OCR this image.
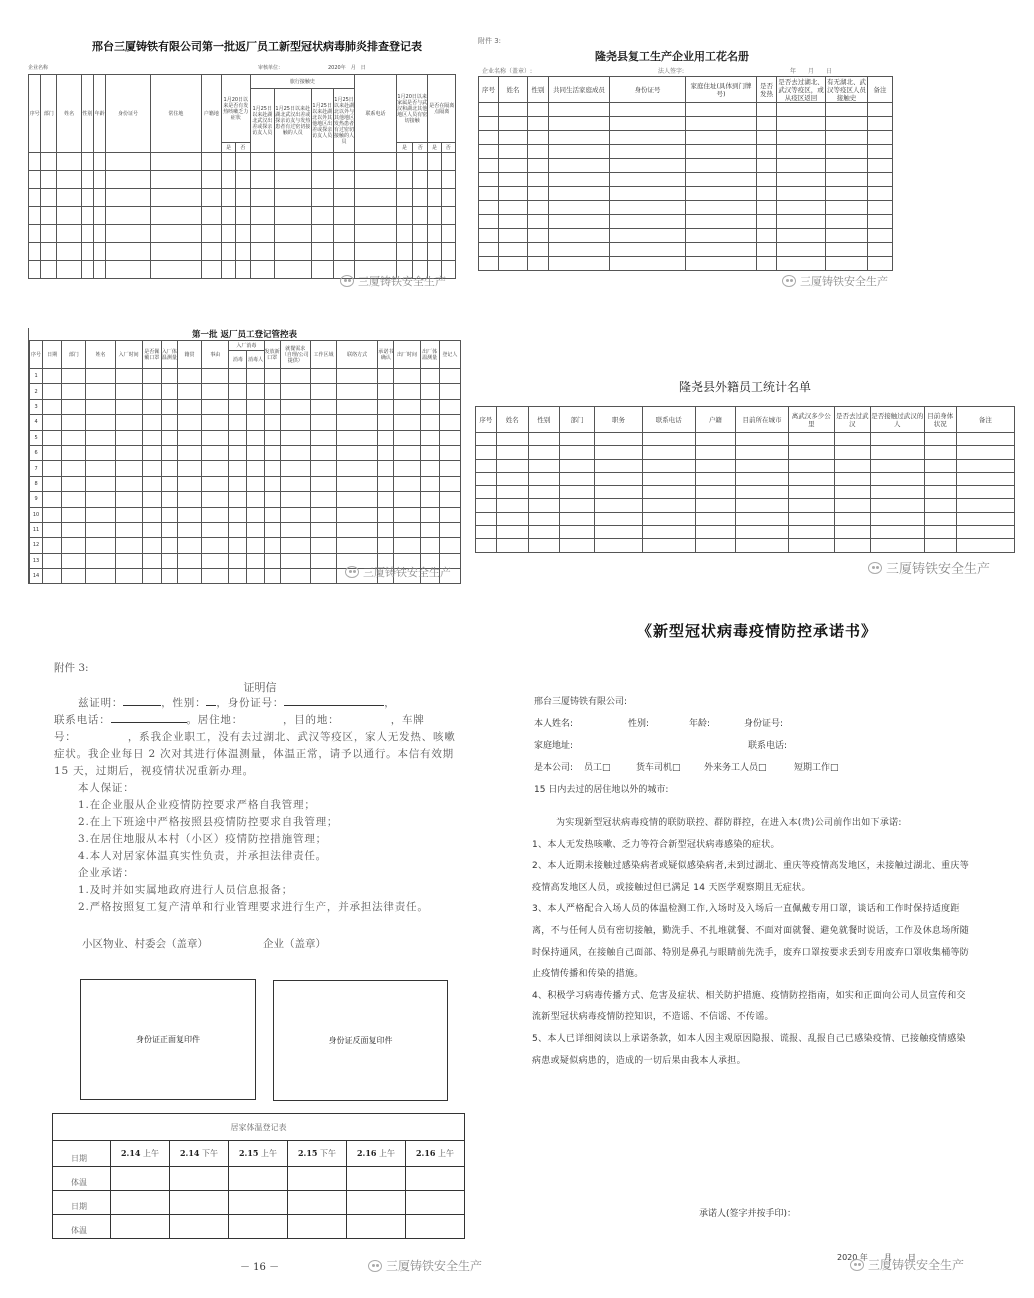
邢台三厦铸铁有限公司第一批返厂员工新型冠状病毒肺炎排查登记表
企业名称	审核单位：	2020年　月　日
序号	部门	姓名	性别	年龄	身份证号	常住地	户籍地	1月20日以来是否有发热咳嗽乏力症状		旅行接触史				联系电话	1月20日以来家属是否与武汉和湖北其他地区人员有密切接触		是否在隔离点隔离	
										1月25日以来赴湖北武汉出差或探亲访友人员	1月25日以来赴湖北武汉出差或探亲访友与发热患者有过密切接触的人员	1月25日以来赴湖北以外其他地区出差或探亲访友人员	1月25日以来赴湖北以外与其他地区发热患者有过密切接触的人员					
								是	否						是	否	是	否

三厦铸铁安全生产
附件 3:
隆尧县复工生产企业用工花名册
企业名称（盖章）:	法人签字:	年　　月　　日
序号	姓名	性别	共同生活家庭成员	身份证号	家庭住址(具体到门牌号)	是否发热	是否去过湖北、武汉等疫区，或从疫区返回	有无湖北、武汉等疫区人员接触史	备注

三厦铸铁安全生产
第一批 返厂员工登记管控表
序号	日期	部门	姓名	入厂时间	是否佩戴口罩	入厂体温测量	籍贯	事由	入厂消毒		发放新口罩	就餐需求（自理/公司提供）	工作区域	联络方式	承诺书确认	出厂时间	出厂体温测量	登记人
									消毒	消毒人								
1																		
2																		
3																		
4																		
5																		
6																		
7																		
8																		
9																		
10																		
11																		
12																		
13																		
14																			三厦铸铁安全生产
隆尧县外籍员工统计名单
序号	姓名	性别	部门	职务	联系电话	户籍	目前所在城市	离武汉多少公里	是否去过武汉	是否接触过武汉的人	目前身体状况	备注

三厦铸铁安全生产
附件 3:
证明信

兹证明：	，性别： ，身份证号：	，

联系电话：	。居住地：　　　　，目的地：　　　　　，车牌

号：　　　　　，系我企业职工，没有去过湖北、武汉等疫区，家人无发热、咳嗽症状。我企业每日 2 次对其进行体温测量，体温正常，请予以通行。本信有效期 15 天，过期后，视疫情状况重新办理。

本人保证：

1.在企业服从企业疫情防控要求严格自我管理；

2.在上下班途中严格按照县疫情防控要求自我管理；

3.在居住地服从本村（小区）疫情防控措施管理；

4.本人对居家体温真实性负责，并承担法律责任。

企业承诺：

1.及时并如实属地政府进行人员信息报备；

2.严格按照复工复产清单和行业管理要求进行生产，并承担法律责任。

小区物业、村委会（盖章）	企业（盖章）
身份证正面复印件	身份证反面复印件
居家体温登记表						
日期	2.14 上午	2.14 下午	2.15 上午	2.15 下午	2.16 上午	2.16 上午
体温						
日期						
体温						
－ 16 －	三厦铸铁安全生产
《新型冠状病毒疫情防控承诺书》
邢台三厦铸铁有限公司:
本人姓名:	性别:	年龄:	身份证号:
家庭地址:	联系电话:
是本公司: 员工□	货车司机□	外来务工人员□	短期工作□
15 日内去过的居住地以外的城市:

为实现新型冠状病毒疫情的联防联控、群防群控，在进入本(贵)公司前作出如下承诺:

1、本人无发热咳嗽、乏力等符合新型冠状病毒感染的症状。

2、本人近期未接触过感染病者或疑似感染病者,未到过湖北、重庆等疫情高发地区，未接触过湖北、重庆等疫情高发地区人员，或接触过但已满足 14 天医学观察期且无症状。

3、本人严格配合入场人员的体温检测工作,入场时及入场后一直佩戴专用口罩，谈话和工作时保持适度距离，不与任何人员有密切接触，勤洗手、不扎堆就餐、不面对面就餐、避免就餐时说话，工作及休息场所随时保持通风，在接触自己面部、特别是鼻孔与眼睛前先洗手，废弃口罩按要求丢到专用废弃口罩收集桶等防止疫情传播和传染的措施。

4、积极学习病毒传播方式、危害及症状、相关防护措施、疫情防控指南，如实和正面向公司人员宣传和交流新型冠状病毒疫情防控知识，不造谣、不信谣、不传谣。

5、本人已详细阅读以上承诺条款，如本人因主观原因隐报、谎报、乱报自己已感染疫情、已接触疫情感染病患或疑似病患的，造成的一切后果由我本人承担。

承诺人(签字并按手印)：
2020 年　　月　　日
三厦铸铁安全生产
